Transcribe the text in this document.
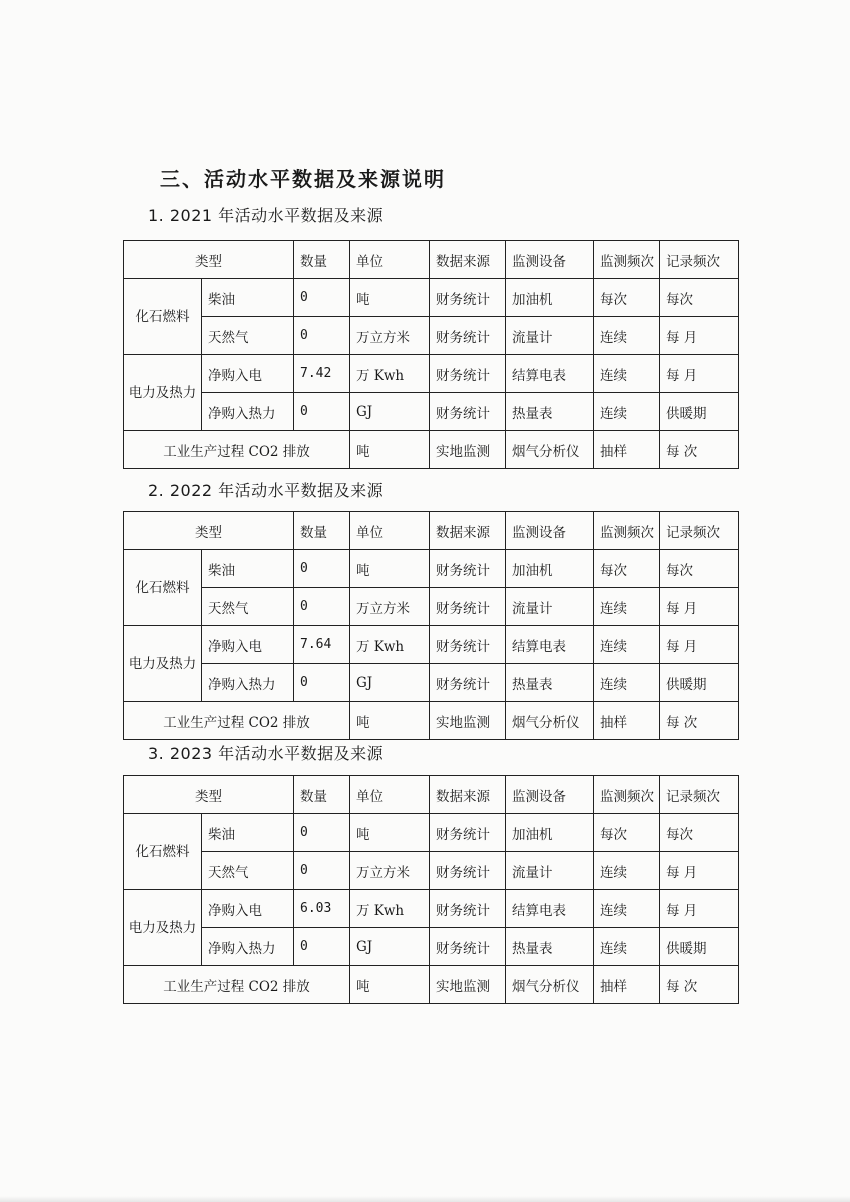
三、活动水平数据及来源说明
1. 2021 年活动水平数据及来源
类型		数量	单位	数据来源	监测设备	监测频次	记录频次
化石燃料	柴油	0	吨	财务统计	加油机	每次	每次
	天然气	0	万立方米	财务统计	流量计	连续	每 月
电力及热力	净购入电	7.42	万 Kwh	财务统计	结算电表	连续	每 月
	净购入热力	0	GJ	财务统计	热量表	连续	供暖期
工业生产过程 CO2 排放			吨	实地监测	烟气分析仪	抽样	每 次
2. 2022 年活动水平数据及来源
类型		数量	单位	数据来源	监测设备	监测频次	记录频次
化石燃料	柴油	0	吨	财务统计	加油机	每次	每次
	天然气	0	万立方米	财务统计	流量计	连续	每 月
电力及热力	净购入电	7.64	万 Kwh	财务统计	结算电表	连续	每 月
	净购入热力	0	GJ	财务统计	热量表	连续	供暖期
工业生产过程 CO2 排放			吨	实地监测	烟气分析仪	抽样	每 次
3. 2023 年活动水平数据及来源
类型		数量	单位	数据来源	监测设备	监测频次	记录频次
化石燃料	柴油	0	吨	财务统计	加油机	每次	每次
	天然气	0	万立方米	财务统计	流量计	连续	每 月
电力及热力	净购入电	6.03	万 Kwh	财务统计	结算电表	连续	每 月
	净购入热力	0	GJ	财务统计	热量表	连续	供暖期
工业生产过程 CO2 排放			吨	实地监测	烟气分析仪	抽样	每 次
